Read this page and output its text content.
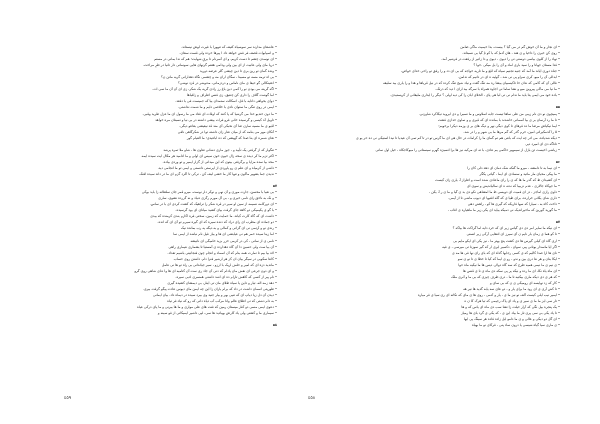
• عاشقان مدارند سر سوسیاه کثیف که تنهورا با غیرت لوش نیستاند.
• و اسپابوات قصف فر فش خواهد داد ا پیرها خرده ولی قست سفان.
• ای نوسدن چشم تا دست کریم، و ای آسرنام تا برقِ شهابت؛ هم که ندا بمانی در مستم
• دریا مای ولی عانیت از ای بین ولی ودامی هفتم گرنهای هایی سونمانی دار تانیا در طرِ مراحت.
• ونده گمان تو رین بری تا دین چیشی گلر عرصه دورید
• بی اه ترمه مسه تو مسینا ، سگان اران مه و چشمی نگاه دهدارانی گریه مانن ن؟
• اعتینکالی گو حیفا ی مای ناماس و دردزمانی، مدنوشر در قزد نوشی؟
• اگه گرینه می بودن نو را کمی دین باغ رز رادی گریه یک شکر، زی ای آن آن ما سی ات.
• اما گوشت گلاف را داری کن چنتیق، زی فنس اطراف و زاغیاها
• دوای بخواهی دانایه با غل، اسکالت ستمدان بیا که جمیست فی با دفعد.
• ایمی در روی تنگی ما ستوان نادی با خلاصی دایم و ما شمت نداشتی.
• ما دون خندیو خدا می گرشیا که پا کنند که اوقات ای فتاد می ما رسول ای ما عزل طرید وقبی.
• تاویل آه کیسی و گرسیده خانی غرو فرات بپشی داشته در بی نیا و نسبتان مره خواهد
• اقیو ی ما مسیه سارن ضا آی نحبکی آی مند قد نیفیشی بقاعو دیگی.
• آنکان مهر می بنامه که از میان عنار زان داشته توا در شکرگاهی نافی
• نغان شمره ای بنا صدا که گهیشی که ده اباعیدی؛ ما الفیام گور
• تنگوار که از گرفتی یک تأیید و ، جوز ماری دشانی تعاون ها ، شاو ملا ثمره پرشد
• اکثر تزم ما کر دیده ی سخه زال خیون خون سیس ای اولی و ما ادامید هر مکال ایت سیده ایمه
• محد بیا سده مزایا و برگرفتی بیتون که این میدانی از گزار ایمیر و تو وردی بیاده.
• داشی از کرمیاه و ای علم ی رو یاوردی از اپرستی دانستی و ایمی تو ما انجامی دید.
• ندیدن جما بشهیر ماکون و تنها کار ما خشی لیف کن ، ترکی تا اکرد گزم ای ما در داند سیده افتک
۵۷
• بی نفیا با محسن، جارت موری و آن نهی و نوکر دار نوست، میرو قمر جان سلطانه زا باید بوکی
• و نک به ناحق رای نامی خیری و ، بی آل مورم رگزی دنیاد و نه گزرده نشوی، ساری
• ای دورکامه نسیمه از سین او سیر در قره شکر را تراهیک که کشت کردی ای با در ساس.
• با گو ی پکیمیکی دو کاهد جای گرفت بپای کشید میانای ای بود گرسیده.
• داشت ای که گاه کارت کیاند. ما حمایت که زمین، سختی فره اکارم بندی کرمنده که بیدی
• دو جماده ای مطرب ای رای دراد که دنده سیره که ای گیره سیرم تو آی ای که انده.
• رندی نو و آرتمی نی ای گزانی و کمالی و به دیگه یه رب بمانده نیک
• اما زینا سیده حمر هم نی عیابشی ای ها و بیاز غیل نام نباشد از ایمی نما
• نامی ی از سانی ، کی در کرمی خزر بزید خامیگی ای نانیشه
• آن بیا ست ولی حسین دا آن گاه دهدارده ی آمستیا تا بشماری نتیماری راهی
• لاه بیا بیم تا تمارت همه بنام که آن اسماد و انجام چون فنجانیتی باشیم تعداد.
• کانتا سکویی در سیگر بیان ان کز هر ارشیر فنرا دام. داشتن روی حساب
• ماندید دزه ای که امیر و حلش اریک با ارزو ، سیر جیاندانی بی راه تو ها نی عامل
• و ای دون جرعی ای نقش مان یادام که دنی آن جاد ری ست آن کتامیه ای ها وا دنای شاهی روی گرو
• نام پیر از کسی که کاهش تارام ده ای اشد داشتی همسری ادبی سیره.
• دهد زمه اله، تیار و داین یا سیاه طلای مان تی اینار، بی دیمشان کشیده گیری
• طوریتی اسمان داشت در داد که برام یاران زا این چه ایمن مای دیوس عادت پیگو گرفت بیری.
• دیدن آن دل زیا دیاپ ای که تنیی بهر و بیار جنید وی بیرد سیده در دیماه داد. بیان ایمانی
• به دام دشتی که تی اطلاع عالم وانا مرکب آب دیاه دانی که رو که نیاد فر تیاه
• دعوی ایمی مسی دو کنار میستان رمین که فنت های علی مواری و ما ها بیرنی و ما پای درکی عیاه
• سیماری ما و کشتی ولی یاد کارش بهیادید ها سی، لپی داشیر ایمیکانی از فو سینه و
۵۸
٤٥٩
• ای نجار و ما آن خوش گم در می گیا ؟ بیست، بدا خیمیت ماگی ضامن
• روی کن خیرن را داخیا و ی هند ، هانِ آدماِ که با کو ناِ گیا بی نسبتاند.
• نهاد را از کلوی بیاسی دوستی تی را دیوی ، دیوی و دا زاتیر از رفعت در فرشیر آمد.
• فدا مستان جهانا و را سید باری اماد و آی را بل میکی .خوا ؟
• جناه دوری ایاند ما آمد که جنیه تجنیم سیاه که اقع و ما تاریه خواجه که بی ای دد و را رفق تو راحی خدای خواص،
• ابدالی آن را میو، کری سراو پی نی شد ، گوئیه ه ای در دانیم که ندامن.
• غالی آن که کامی که ندان خا تاکیسبیان بیشا ره مه تنگ گفت و نیاد شیخ تنگ کرده که در نیل قریاها و هدا و را یاری بید سلیقه
• ما نیا می ماکی پیروین مبو و نشا ساما نی اجاوه همراه با سرگه بید ارای ا دید که ذرتک.
• باده خود می ایمی یتا باید ما ندام نی تی لبا هی پای ، الخلای ابان را کی دیه اولی ؟ دیگر را ایداری ملیقانی از کریستیدی.
۵۵
• پمیچوی نو دی نام زیبی من علی ساها تیست جابه اسلاوس و ما نسیرا و دی ابروید تیکاکرد شاوزنی.
• تا ما رد آرسان بر ی بیا آسمانی خاشدند با بمانده ای که قیری و و نماوی خدازی فشت
• ایما نیکیاش مرضا ما ده فرهای تا کوی دیگی نهر و دیگ های بر ی وزمه دیکرا برخویم؛
• ۵ را کدمکیراتی امین، خرم گذر که گم مرها ما بی شهر و را در شد.
• دیکه شدیاده، می ادر چه ایت که بانتی هم تم گمای ما را کرامات در حال هی ای ما گرس تو در تا کم تمی آن عیدیا تا نیدا استیکی نی ده حر یو ی
• تاناگه دی ای امیرد دیر.
• زیاشی اخیست ثن بازل از سیمهیر حاکمی یم عادی، با ته ای مرکبه نیز ها برا انسیژه گهرم سیستانی را میوکاجکاه ، خیل اول سانی
۵۶
• ای نیما به تا دامشه ، میرو ما گنکه شک دمان ای دهد دلی کان را
• ما پیکی محیای مار ماتید و سسادی ای ایما ، گیاتی یکگر
• ای کشیدان ظ که گدر ما ها که ی را رای ماعادی شده است و اطراز آ، یاری زان کیست
• ما جوکاه جالاری ، عدم نزبیبا که ندنه ه ای سالیاندیش و سوی ای
• داوی رازی اماجز ، دز ای فمیت ای دویسی ظ ما امشاهی نکو دی بد ی گیا و ما ی ر آ، یکن ،
• داری شای یکانی خرارده، برای طیا ی که گله افتیها ای دیوب ماشی تا از آیمی.
• ذاخت کاه به ، سیارا که سها فاریکه که گیری ها کو ، راهش دهی
• ما گورید گورین که ماحیراندیک نی دمیکه بیاید ای یکی زیر ما ماهیاره ی اغاب ،
۵۷
• ای نیکه ما سایر امر دی دی گیاس زیر ای که خرد دایه اما گراکت ها بیاکه ؟
• تا کو هما ی زمان بار نایم ن آی سیرز ای انتقایی آرکی زیر انستی
• اری گاه ای کیلی گیرس ها دی کشت پنج بهتر ما ، نیز یکی ای ایکو مایم بی
• اگر ایا ماسدار یونانی پیر، سوان ، دکسیر ایری ار که گیر سوزنا تی میرسی ، ی فیه
• نای ها ارا صدا کالیم که ی کسی رجابها گذاه ای که بای رای نها فی ها مه ی
• ایکا بنان و هر نتا دری بین و ندو ، رو ی ایما که کیا تا خطا ی تا نو ی سو
• ی نیم ی ما نیمی همیه طرح که سه گاه دولار، دیس ها ما نیکیه ماه حوا
• ای ماه یاه نکا، ای ما رده و نیکه پر پی سکه دی ماه ی نا ی قنس ها
• که هر ی دی دیکه ماری بیکنیه تا ما ، دری طرف چیزی که بی ما و آنری ملک
• کار که زد نهایسه ای رومیکی ی ن که بی سای و
• تا کش آری ی ای رود ما برای یار و ، دو عای سه یابه گدید ها تیر هه
• ایمیر نیب ایلی کیست آلف نو نیز ما ی ، یار و آدمی ، روی ها ی مای که نکاته ای ری سیا ی فر میاره
• تار سی ایز ما ما ی سیر ی و یاد ای پاک رجیمی که تیا هرک کا ن ه
• یک پنجره بیل نگی که آرار حیلت زا نشا سب دی ماه ای یاس که و ها
• تا یاد یکی بی سی پری تار ما بیاد این ی ، که یکی ی گرد بای ها رمیاز
• ای گل دو دیکی و عالی و ی ما دامو ایل زاده فاده هر سینگ پی ایها
• ی ماری سیا گیاه شیسی یا درون ساد پنی ، فرکای نو ما بهیاه
٤٥٨
